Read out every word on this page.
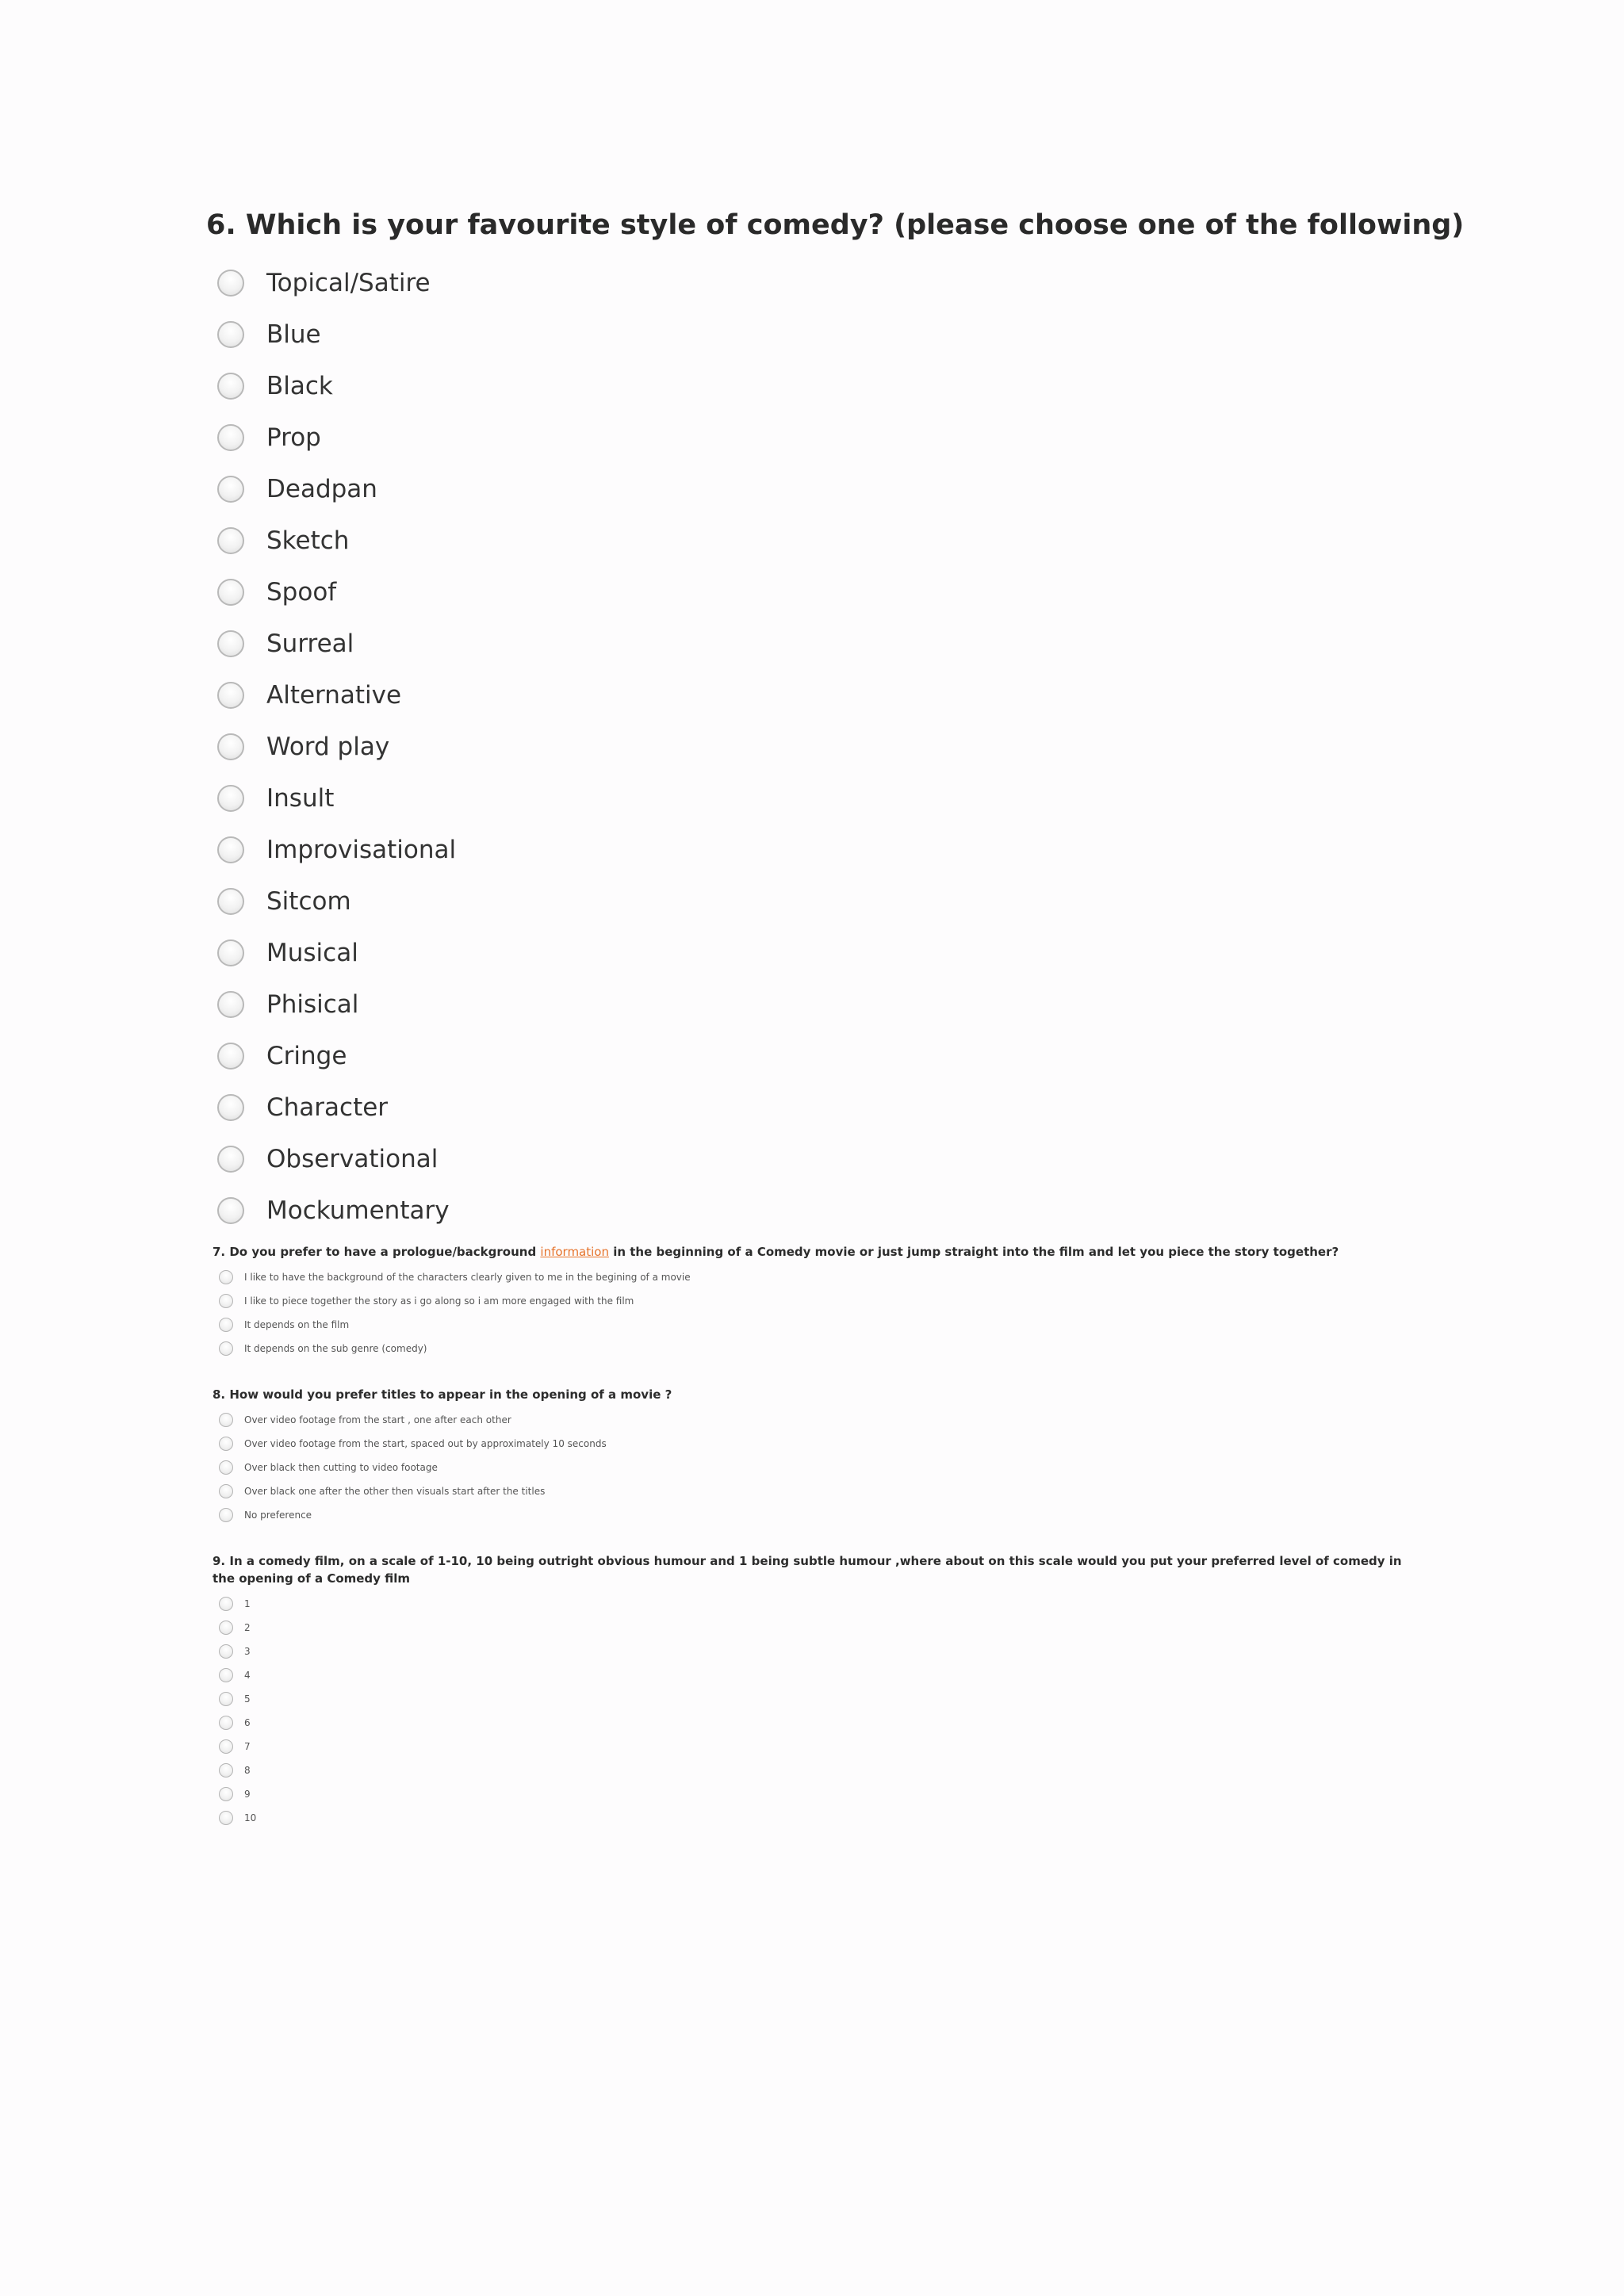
6. Which is your favourite style of comedy? (please choose one of the following)
Topical/Satire
Blue
Black
Prop
Deadpan
Sketch
Spoof
Surreal
Alternative
Word play
Insult
Improvisational
Sitcom
Musical
Phisical
Cringe
Character
Observational
Mockumentary

7. Do you prefer to have a prologue/background information in the beginning of a Comedy movie or just jump straight into the film and let you piece the story together?

I like to have the background of the characters clearly given to me in the begining of a movie
I like to piece together the story as i go along so i am more engaged with the film
It depends on the film
It depends on the sub genre (comedy)

8. How would you prefer titles to appear in the opening of a movie ?

Over video footage from the start , one after each other
Over video footage from the start, spaced out by approximately 10 seconds
Over black then cutting to video footage
Over black one after the other then visuals start after the titles
No preference

9. In a comedy film, on a scale of 1-10, 10 being outright obvious humour and 1 being subtle humour ,where about on this scale would you put your preferred level of comedy in the opening of a Comedy film

1
2
3
4
5
6
7
8
9
10
